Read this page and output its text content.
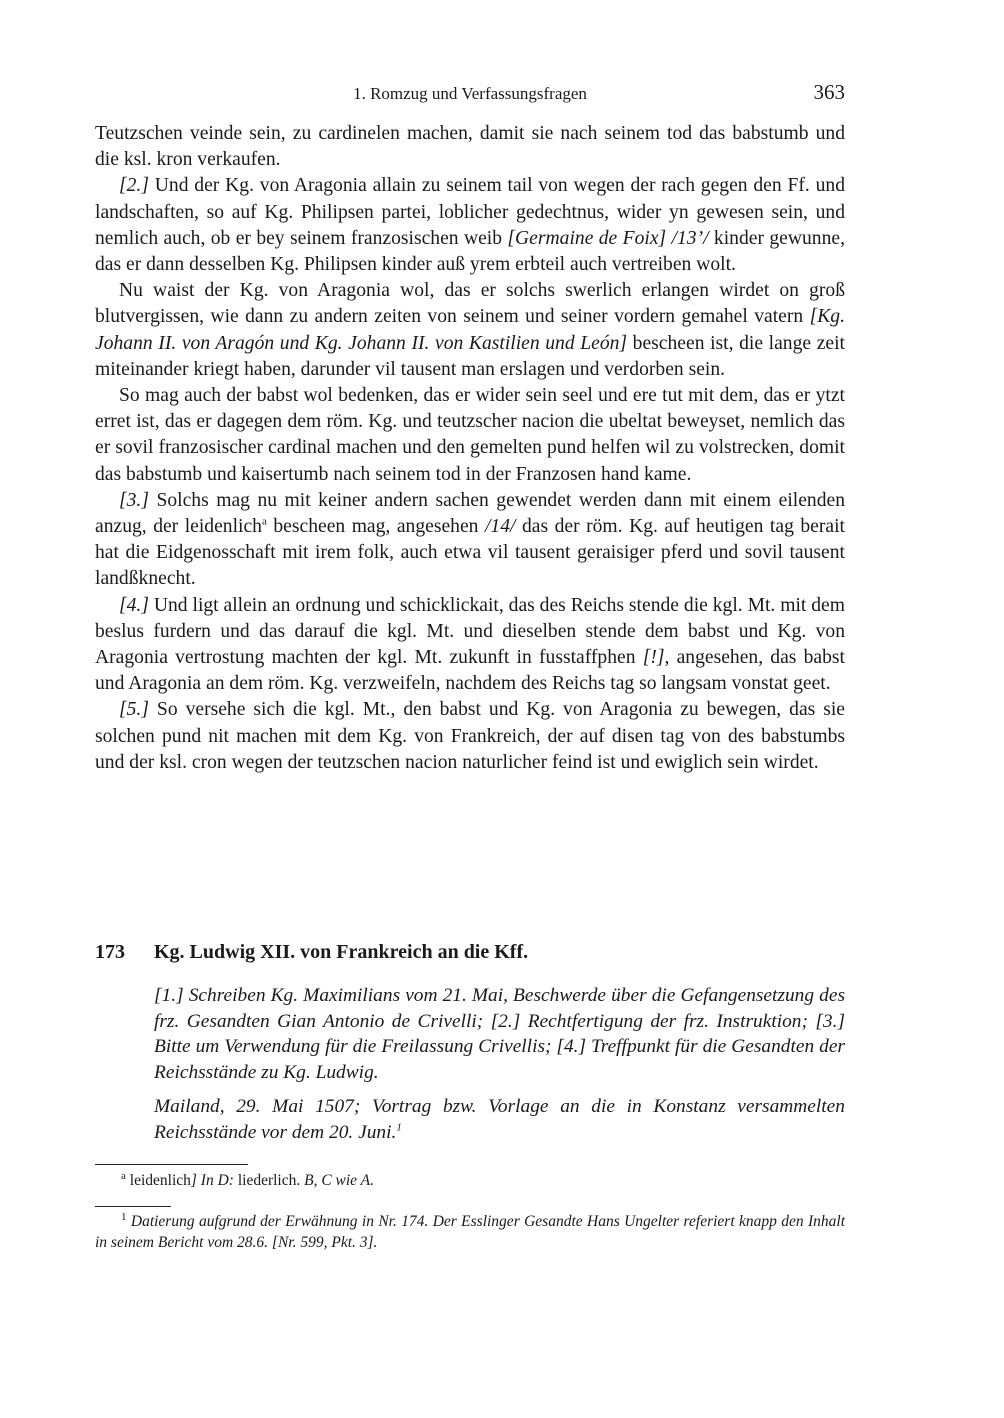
1. Romzug und Verfassungsfragen	363

Teutzschen veinde sein, zu cardinelen machen, damit sie nach seinem tod das babstumb und die ksl. kron verkaufen.

[2.] Und der Kg. von Aragonia allain zu seinem tail von wegen der rach gegen den Ff. und landschaften, so auf Kg. Philipsen partei, loblicher gedechtnus, wider yn gewesen sein, und nemlich auch, ob er bey seinem franzosischen weib [Germaine de Foix] /13’/ kinder gewunne, das er dann desselben Kg. Philipsen kinder auß yrem erbteil auch vertreiben wolt.

Nu waist der Kg. von Aragonia wol, das er solchs swerlich erlangen wirdet on groß blutvergissen, wie dann zu andern zeiten von seinem und seiner vordern gemahel vatern [Kg. Johann II. von Aragón und Kg. Johann II. von Kastilien und León] bescheen ist, die lange zeit miteinander kriegt haben, darunder vil tausent man erslagen und verdorben sein.

So mag auch der babst wol bedenken, das er wider sein seel und ere tut mit dem, das er ytzt erret ist, das er dagegen dem röm. Kg. und teutzscher nacion die ubeltat beweyset, nemlich das er sovil franzosischer cardinal machen und den gemelten pund helfen wil zu volstrecken, domit das babstumb und kaisertumb nach seinem tod in der Franzosen hand kame.

[3.] Solchs mag nu mit keiner andern sachen gewendet werden dann mit einem eilenden anzug, der leidenlich$^a$ bescheen mag, angesehen /14/ das der röm. Kg. auf heutigen tag berait hat die Eidgenosschaft mit irem folk, auch etwa vil tausent geraisiger pferd und sovil tausent landßknecht.

[4.] Und ligt allein an ordnung und schicklickait, das des Reichs stende die kgl. Mt. mit dem beslus furdern und das darauf die kgl. Mt. und dieselben stende dem babst und Kg. von Aragonia vertrostung machten der kgl. Mt. zukunft in fusstaffphen [!], angesehen, das babst und Aragonia an dem röm. Kg. verzweifeln, nachdem des Reichs tag so langsam vonstat geet.

[5.] So versehe sich die kgl. Mt., den babst und Kg. von Aragonia zu bewegen, das sie solchen pund nit machen mit dem Kg. von Frankreich, der auf disen tag von des babstumbs und der ksl. cron wegen der teutzschen nacion naturlicher feind ist und ewiglich sein wirdet.

173 Kg. Ludwig XII. von Frankreich an die Kff.

[1.] Schreiben Kg. Maximilians vom 21. Mai, Beschwerde über die Gefangensetzung des frz. Gesandten Gian Antonio de Crivelli; [2.] Rechtfertigung der frz. Instruktion; [3.] Bitte um Verwendung für die Freilassung Crivellis; [4.] Treffpunkt für die Gesandten der Reichsstände zu Kg. Ludwig.

Mailand, 29. Mai 1507; Vortrag bzw. Vorlage an die in Konstanz versammelten Reichsstände vor dem 20. Juni.$^1$

$^a$ leidenlich] In D: liederlich. B, C wie A.
$^1$ Datierung aufgrund der Erwähnung in Nr. 174. Der Esslinger Gesandte Hans Ungelter referiert knapp den Inhalt in seinem Bericht vom 28.6. [Nr. 599, Pkt. 3].
